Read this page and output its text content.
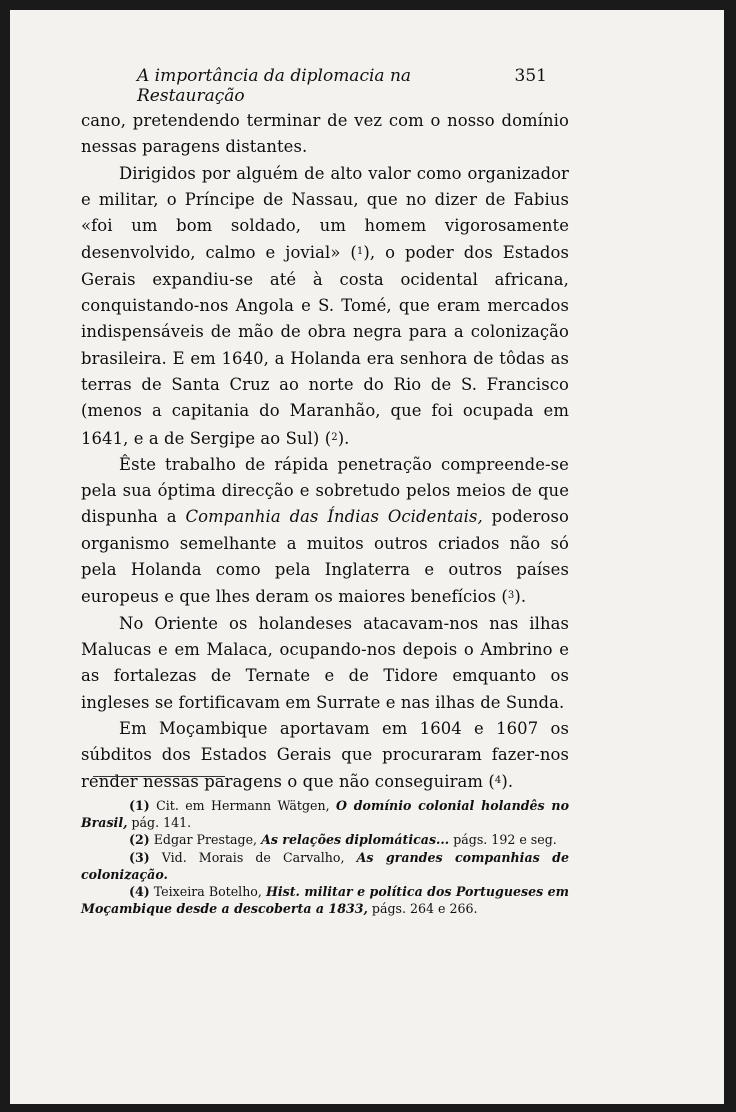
A importância da diplomacia na Restauração
351

cano, pretendendo terminar de vez com o nosso domínio nessas paragens distantes.

Dirigidos por alguém de alto valor como organizador e militar, o Príncipe de Nassau, que no dizer de Fabius «foi um bom soldado, um homem vigorosamente desenvolvido, calmo e jovial» ($^1$), o poder dos Estados Gerais expandiu-se até à costa ocidental africana, conquistando-nos Angola e S. Tomé, que eram mercados indispensáveis de mão de obra negra para a colonização brasileira. E em 1640, a Holanda era senhora de tôdas as terras de Santa Cruz ao norte do Rio de S. Francisco (menos a capitania do Maranhão, que foi ocupada em 1641, e a de Sergipe ao Sul) ($^2$).

Êste trabalho de rápida penetração compreende-se pela sua óptima direcção e sobretudo pelos meios de que dispunha a Companhia das Índias Ocidentais, poderoso organismo semelhante a muitos outros criados não só pela Holanda como pela Inglaterra e outros países europeus e que lhes deram os maiores benefícios ($^3$).

No Oriente os holandeses atacavam-nos nas ilhas Malucas e em Malaca, ocupando-nos depois o Ambrino e as fortalezas de Ternate e de Tidore emquanto os ingleses se fortificavam em Surrate e nas ilhas de Sunda.

Em Moçambique aportavam em 1604 e 1607 os súbditos dos Estados Gerais que procuraram fazer-nos render nessas paragens o que não conseguiram ($^4$).

(1) Cit. em Hermann Wätgen, O domínio colonial holandês no Brasil, pág. 141.

(2) Edgar Prestage, As relações diplomáticas... págs. 192 e seg.

(3) Vid. Morais de Carvalho, As grandes companhias de colonização.

(4) Teixeira Botelho, Hist. militar e política dos Portugueses em Moçambique desde a descoberta a 1833, págs. 264 e 266.
